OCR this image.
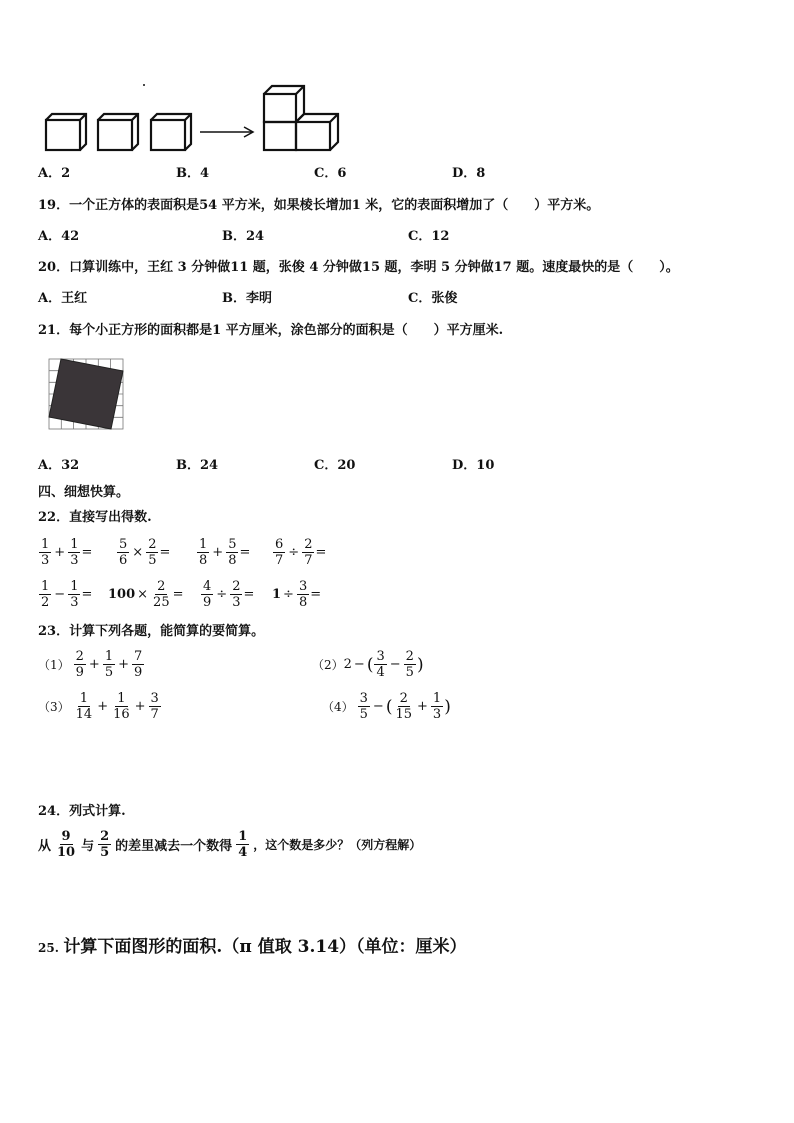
A．2	B．4	C．6	D．8
19．一个正方体的表面积是54 平方米，如果棱长增加1 米，它的表面积增加了（　　）平方米。
A．42	B．24	C．12
20．口算训练中，王红 3 分钟做11 题，张俊 4 分钟做15 题，李明 5 分钟做17 题。速度最快的是（　　）。
A．王红	B．李明	C．张俊
21．每个小正方形的面积都是1 平方厘米，涂色部分的面积是（　　）平方厘米.
A．32	B．24	C．20	D．10
四、细想快算。
22．直接写出得数.
$\frac{1}{3} + \frac{1}{3} = \frac{5}{6} \times \frac{2}{5} = \frac{1}{8} + \frac{5}{8} = \frac{6}{7} \div \frac{2}{7}$ =
$\frac{1}{2} - \frac{1}{3} = 100 \times \frac{2}{25} = \frac{4}{9} \div \frac{2}{3} = 1 \div \frac{3}{8}$ =
23．计算下列各题，能简算的要简算。
$(1) \frac{2}{9} + \frac{1}{5} + \frac{7}{9}$	（2） 2 − ( $\frac{3}{4} - \frac{2}{5}$ )
$(3) \frac{1}{14} + \frac{1}{16} + \frac{3}{7}$	$(4) \frac{3}{5}$ − ( $\frac{2}{15} + \frac{1}{3}$ )
24．列式计算.
从 $\frac{9}{10}$ 与 $\frac{2}{5}$ 的差里减去一个数得 $\frac{1}{4}$ ，这个数是多少？（列方程解）
25. 计算下面图形的面积.（π 值取 3.14）（单位：厘米）
